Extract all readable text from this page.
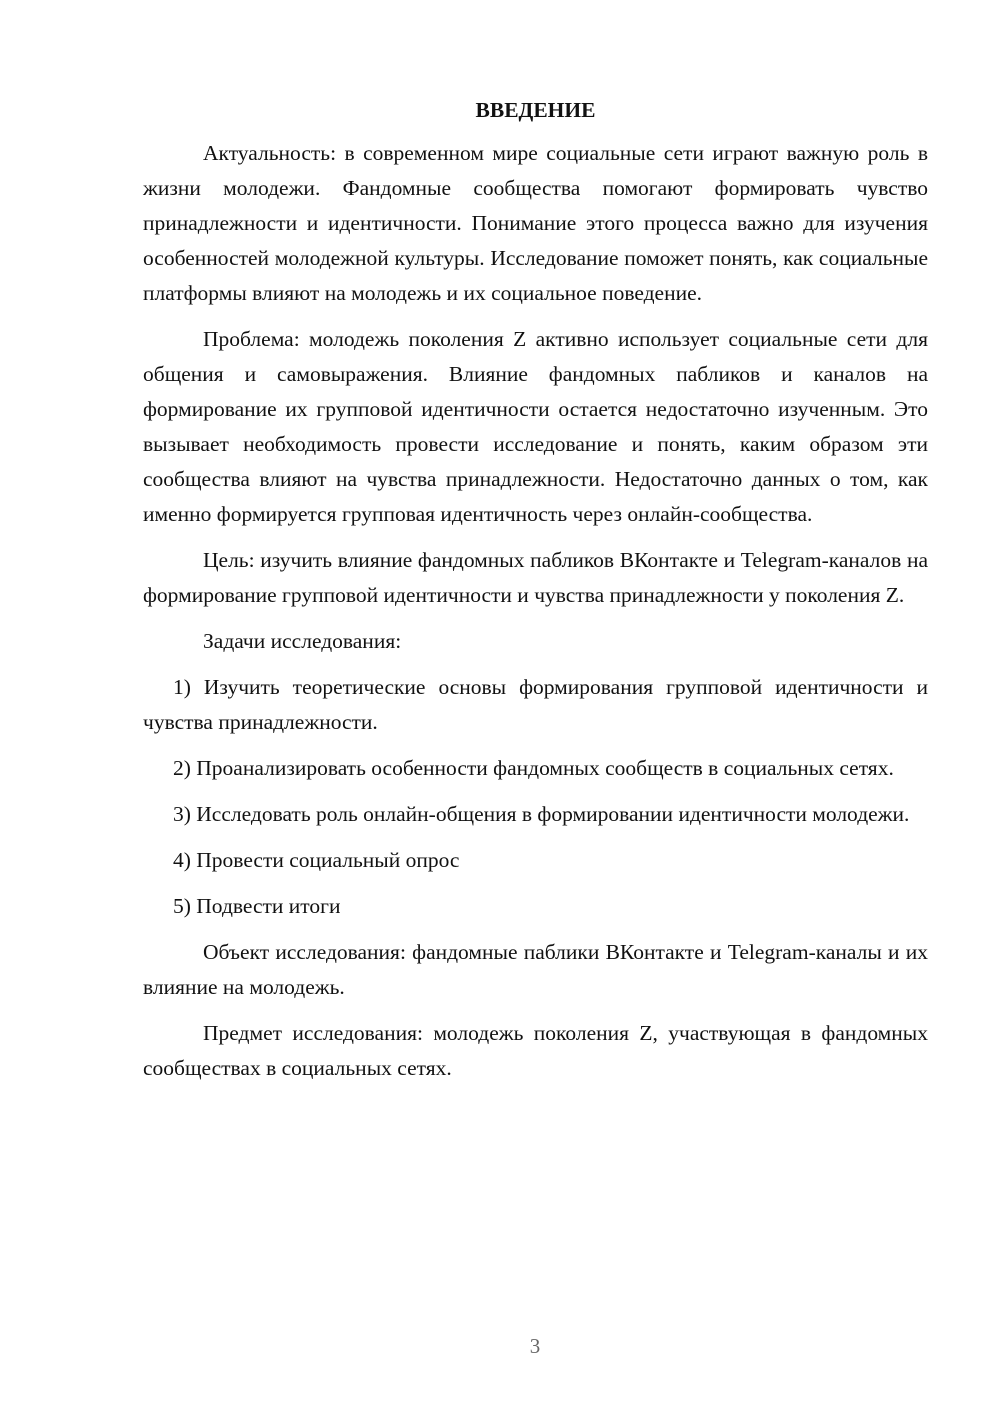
ВВЕДЕНИЕ

Актуальность: в современном мире социальные сети играют важную роль в жизни молодежи. Фандомные сообщества помогают формировать чувство принадлежности и идентичности. Понимание этого процесса важно для изучения особенностей молодежной культуры. Исследование поможет понять, как социальные платформы влияют на молодежь и их социальное поведение.

Проблема: молодежь поколения Z активно использует социальные сети для общения и самовыражения. Влияние фандомных пабликов и каналов на формирование их групповой идентичности остается недостаточно изученным. Это вызывает необходимость провести исследование и понять, каким образом эти сообщества влияют на чувства принадлежности. Недостаточно данных о том, как именно формируется групповая идентичность через онлайн-сообщества.

Цель: изучить влияние фандомных пабликов ВКонтакте и Telegram-каналов на формирование групповой идентичности и чувства принадлежности у поколения Z.

Задачи исследования:

1) Изучить теоретические основы формирования групповой идентичности и чувства принадлежности.

2) Проанализировать особенности фандомных сообществ в социальных сетях.

3) Исследовать роль онлайн-общения в формировании идентичности молодежи.

4) Провести социальный опрос

5) Подвести итоги

Объект исследования: фандомные паблики ВКонтакте и Telegram-каналы и их влияние на молодежь.

Предмет исследования: молодежь поколения Z, участвующая в фандомных сообществах в социальных сетях.

3
